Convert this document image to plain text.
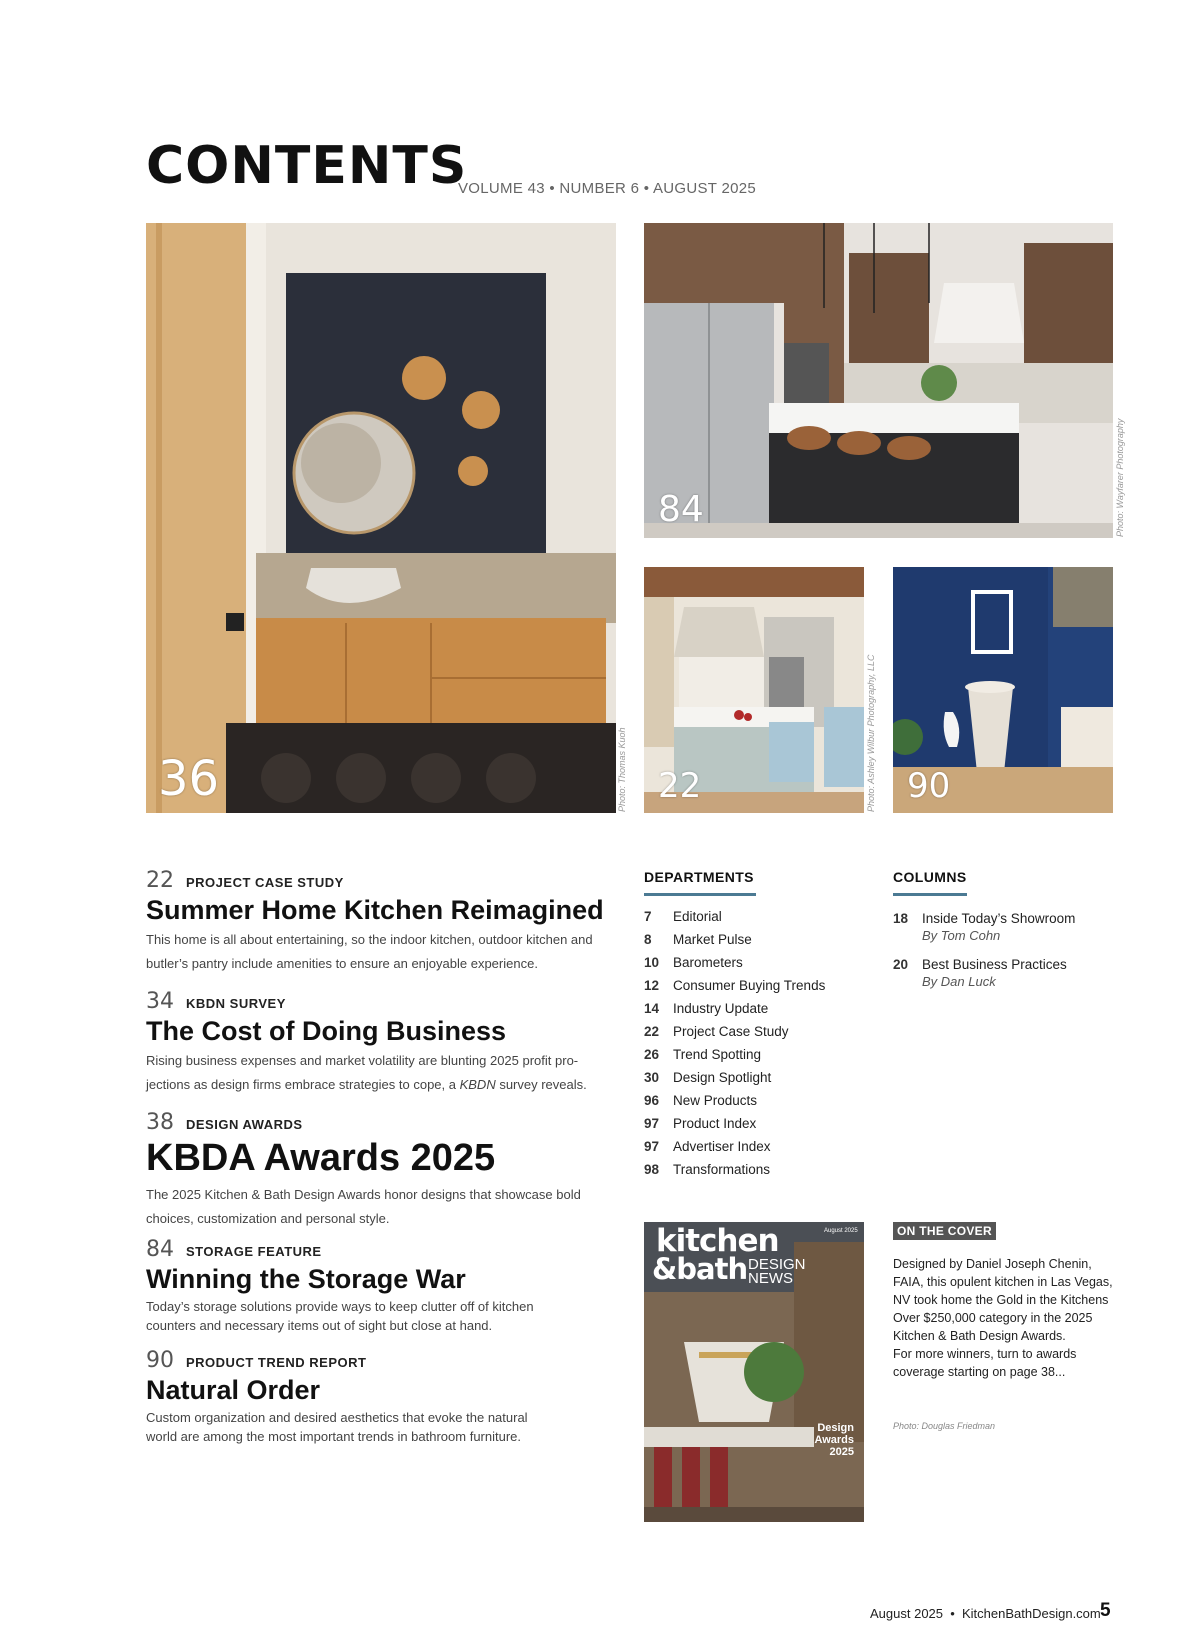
CONTENTS
VOLUME 43 • NUMBER 6 • AUGUST 2025
36	Photo: Thomas Kuoh
84	Photo: Wayfarer Photography
22	Photo: Ashley Wilbur Photography, LLC 90
22 PROJECT CASE STUDY
Summer Home Kitchen Reimagined
This home is all about entertaining, so the indoor kitchen, outdoor kitchen and butler’s pantry include amenities to ensure an enjoyable experience.
34 KBDN SURVEY
The Cost of Doing Business
Rising business expenses and market volatility are blunting 2025 profit pro-jections as design firms embrace strategies to cope, a KBDN survey reveals.
38 DESIGN AWARDS
KBDA Awards 2025
The 2025 Kitchen & Bath Design Awards honor designs that showcase bold choices, customization and personal style.
84 STORAGE FEATURE
Winning the Storage War
Today’s storage solutions provide ways to keep clutter off of kitchen counters and necessary items out of sight but close at hand.
90 PRODUCT TREND REPORT
Natural Order
Custom organization and desired aesthetics that evoke the natural world are among the most important trends in bathroom furniture.
DEPARTMENTS
7	Editorial
8	Market Pulse
10	Barometers
12	Consumer Buying Trends
14	Industry Update
22	Project Case Study
26	Trend Spotting
30	Design Spotlight
96	New Products
97	Product Index
97	Advertiser Index
98	Transformations
COLUMNS
18	Inside Today’s Showroom
By Tom Cohn
20	Best Business Practices
By Dan Luck
kitchen
&bath DESIGN
NEWS
August 2025
Design
Awards
2025
ON THE COVER
Designed by Daniel Joseph Chenin, FAIA, this opulent kitchen in Las Vegas, NV took home the Gold in the Kitchens Over $250,000 category in the 2025 Kitchen & Bath Design Awards.
For more winners, turn to awards coverage starting on page 38...
Photo: Douglas Friedman
August 2025  •  KitchenBathDesign.com 5
